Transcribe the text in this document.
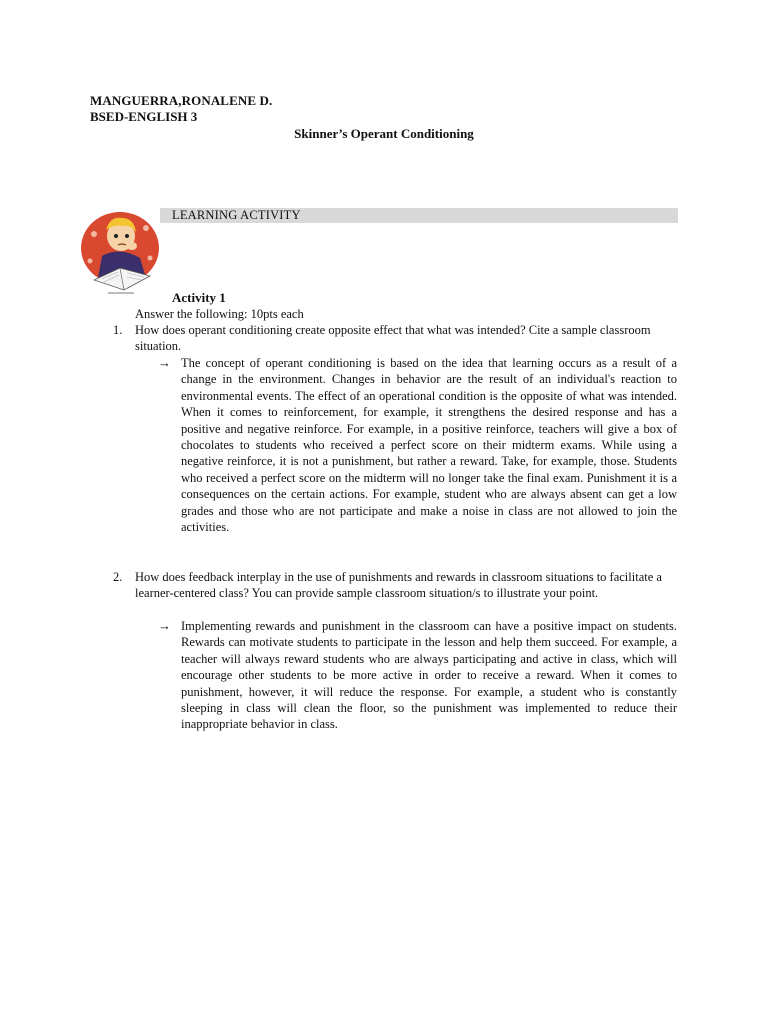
MANGUERRA,RONALENE D.
BSED-ENGLISH 3
Skinner’s Operant Conditioning
LEARNING ACTIVITY
Activity 1
Answer the following: 10pts each
1. How does operant conditioning create opposite effect that what was intended? Cite a sample classroom situation.
→ The concept of operant conditioning is based on the idea that learning occurs as a result of a change in the environment. Changes in behavior are the result of an individual's reaction to environmental events. The effect of an operational condition is the opposite of what was intended. When it comes to reinforcement, for example, it strengthens the desired response and has a positive and negative reinforce. For example, in a positive reinforce, teachers will give a box of chocolates to students who received a perfect score on their midterm exams. While using a negative reinforce, it is not a punishment, but rather a reward. Take, for example, those. Students who received a perfect score on the midterm will no longer take the final exam. Punishment it is a consequences on the certain actions. For example, student who are always absent can get a low grades and those who are not participate and make a noise in class are not allowed to join the activities.
2. How does feedback interplay in the use of punishments and rewards in classroom situations to facilitate a learner-centered class? You can provide sample classroom situation/s to illustrate your point.
→ Implementing rewards and punishment in the classroom can have a positive impact on students. Rewards can motivate students to participate in the lesson and help them succeed. For example, a teacher will always reward students who are always participating and active in class, which will encourage other students to be more active in order to receive a reward. When it comes to punishment, however, it will reduce the response. For example, a student who is constantly sleeping in class will clean the floor, so the punishment was implemented to reduce their inappropriate behavior in class.
